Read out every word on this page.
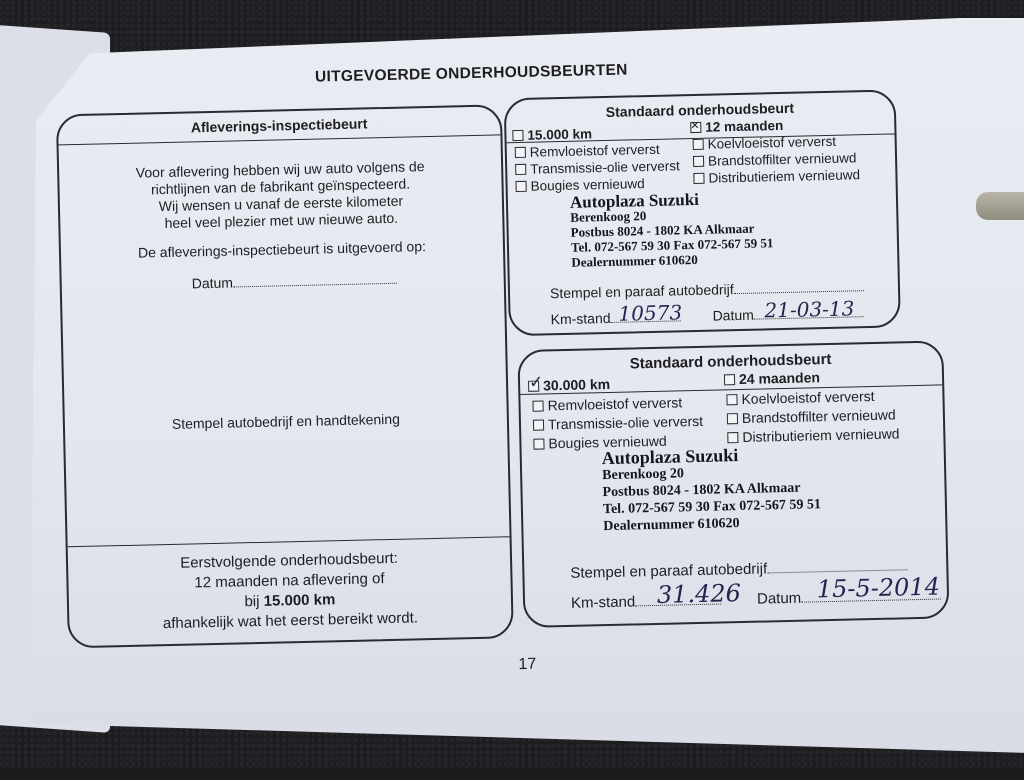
UITGEVOERDE ONDERHOUDSBEURTEN
Afleverings-inspectiebeurt
Voor aflevering hebben wij uw auto volgens de
richtlijnen van de fabrikant geïnspecteerd.
Wij wensen u vanaf de eerste kilometer
heel veel plezier met uw nieuwe auto.
De afleverings-inspectiebeurt is uitgevoerd op:
Datum
Stempel autobedrijf en handtekening
Eerstvolgende onderhoudsbeurt:
12 maanden na aflevering of
bij 15.000 km
afhankelijk wat het eerst bereikt wordt.
Standaard onderhoudsbeurt
15.000 km
✕	12 maanden
Remvloeistof ververst	Koelvloeistof ververst
Transmissie-olie ververst Brandstoffilter vernieuwd
Bougies vernieuwd	Distributieriem vernieuwd
Autoplaza Suzuki
Berenkoog 20
Postbus 8024 - 1802 KA Alkmaar
Tel. 072-567 59 30 Fax 072-567 59 51
Dealernummer 610620
Stempel en paraaf autobedrijf
Km-stand 10573 Datum 21-03-13
Standaard onderhoudsbeurt
✓
30.000 km	24 maanden
Remvloeistof ververst	Koelvloeistof ververst
Transmissie-olie ververst	Brandstoffilter vernieuwd
Bougies vernieuwd	Distributieriem vernieuwd
Autoplaza Suzuki
Berenkoog 20
Postbus 8024 - 1802 KA Alkmaar
Tel. 072-567 59 30 Fax 072-567 59 51
Dealernummer 610620
Stempel en paraaf autobedrijf
Km-stand 31.426 Datum 15-5-2014
17
